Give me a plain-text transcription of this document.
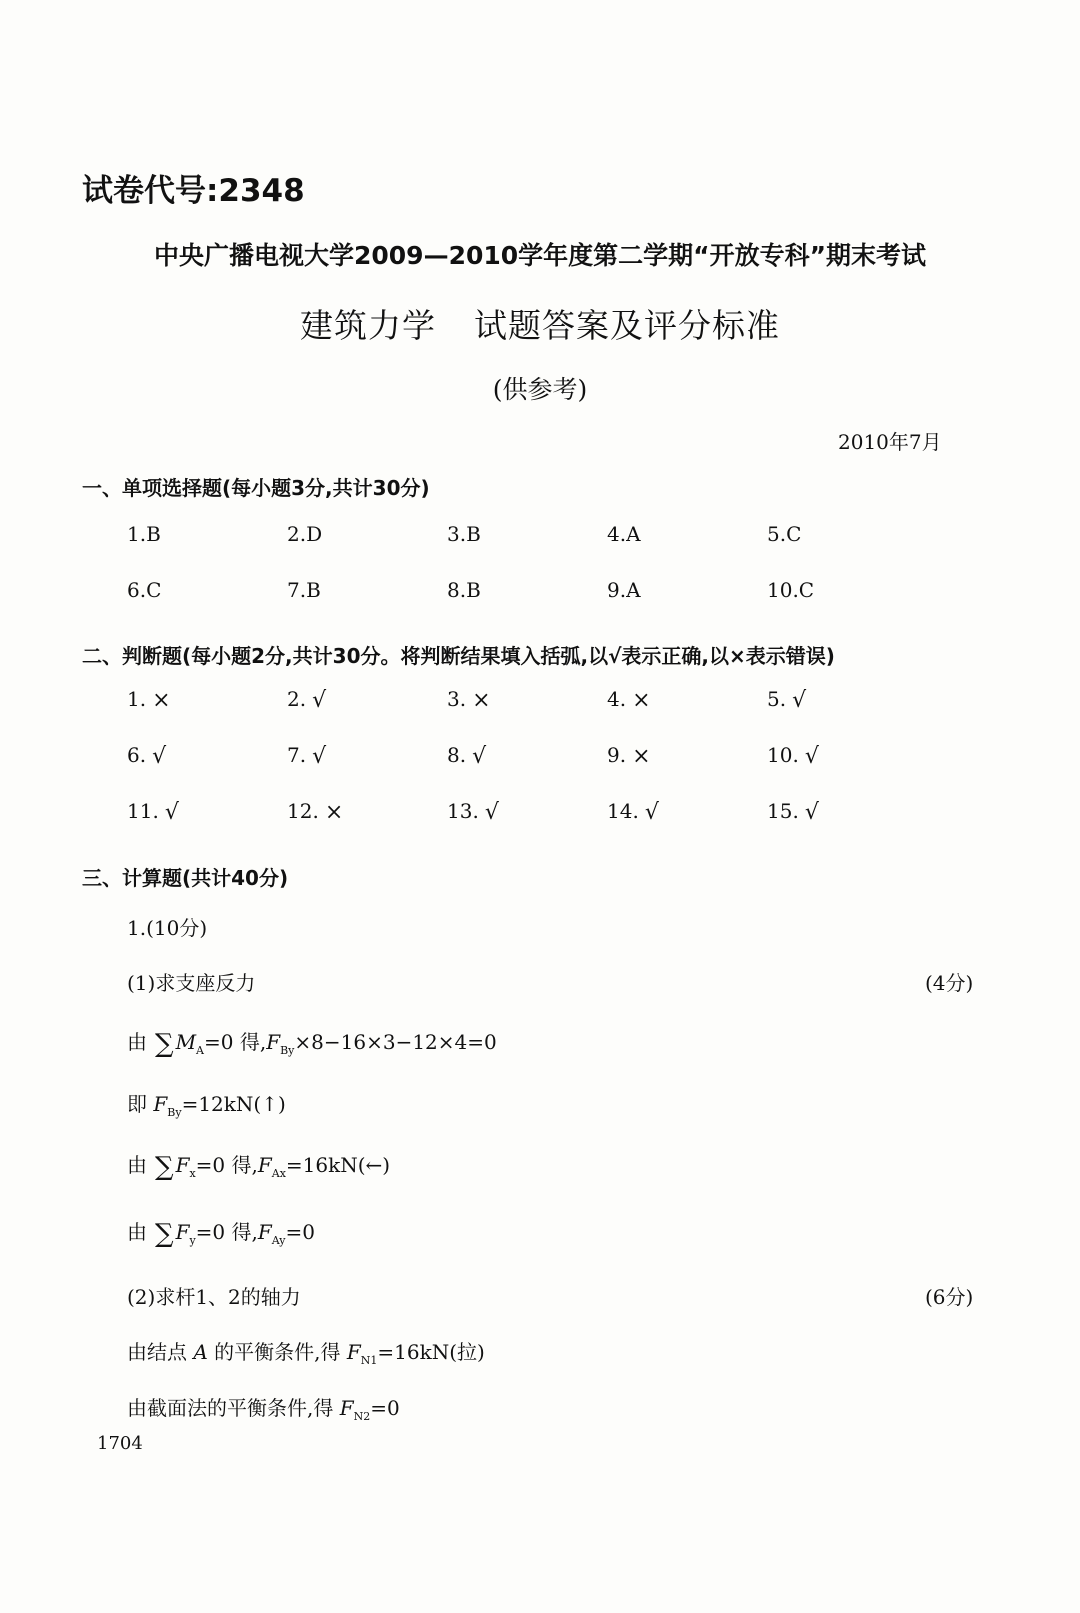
试卷代号:2348
中央广播电视大学2009—2010学年度第二学期“开放专科”期末考试
建筑力学 试题答案及评分标准
(供参考)
2010年7月
一、单项选择题(每小题3分,共计30分)
1.B	2.D	3.B	4.A	5.C
6.C	7.B	8.B	9.A	10.C
二、判断题(每小题2分,共计30分。将判断结果填入括弧,以√表示正确,以×表示错误)
1. ×	2. √	3. ×	4. ×	5. √
6. √	7. √	8. √	9. ×	10. √
11. √	12. ×	13. √	14. √	15. √
三、计算题(共计40分)
1.(10分)
(1)求支座反力	(4分)
由 ∑ $M_A=0$ 得$,F_{By}\times 8-16\times 3-12\times 4=0$
即 $F_{By}=12kN(↑)$
由 ∑ $F_x=0$ 得$,F_{Ax}=16kN(\leftarrow)$
由 ∑ $F_y=0$ 得$,F_{Ay}=0$
(2)求杆1、2的轴力	(6分)
由结点 A 的平衡条件,得 $F_{N1}=16kN$(拉)
由截面法的平衡条件,得 $F_{N2}=0$
1704
